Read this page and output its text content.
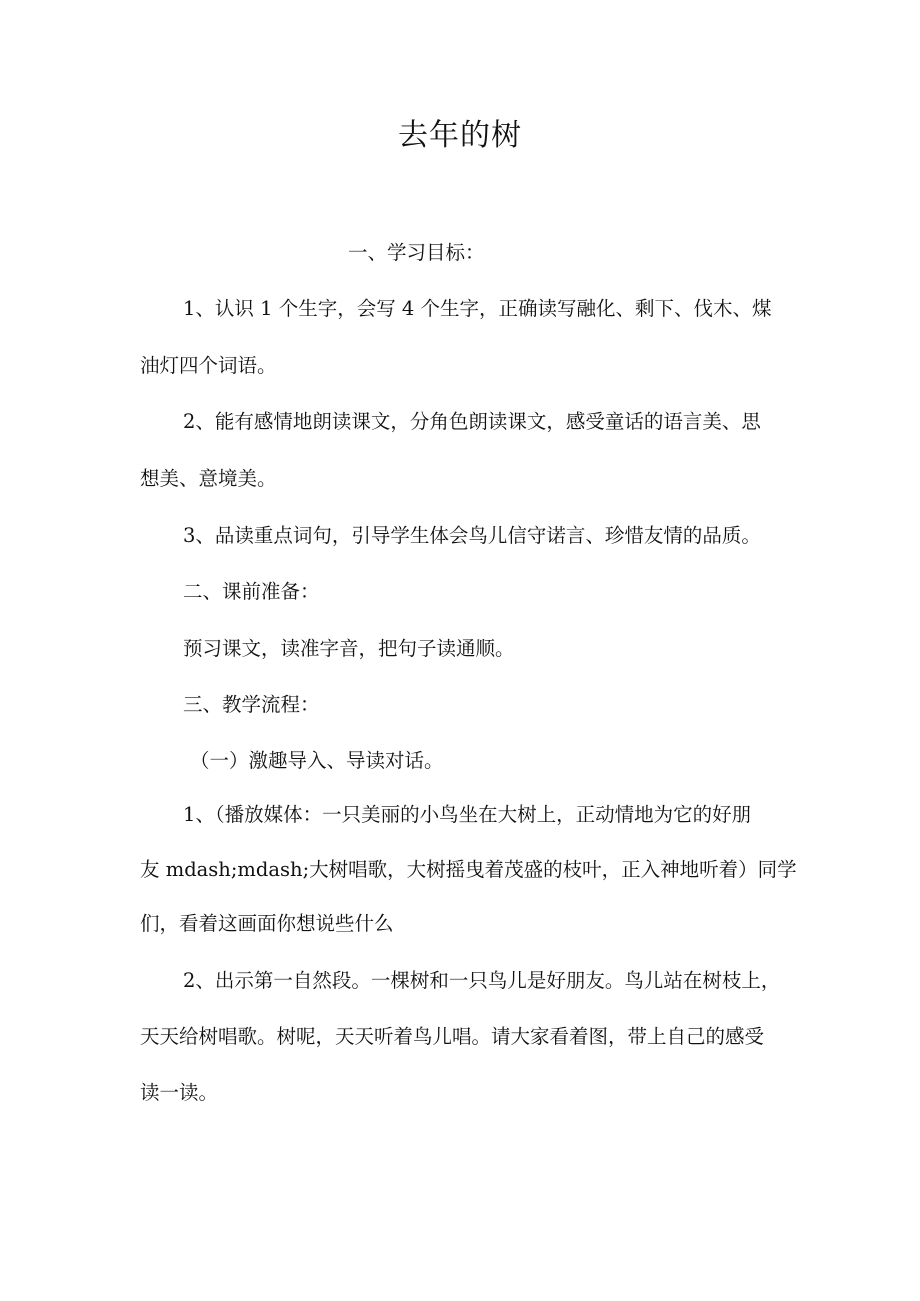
去年的树
一、学习目标：
1、认识 1 个生字，会写 4 个生字，正确读写融化、剩下、伐木、煤
油灯四个词语。
2、能有感情地朗读课文，分角色朗读课文，感受童话的语言美、思
想美、意境美。
3、品读重点词句，引导学生体会鸟儿信守诺言、珍惜友情的品质。
二、课前准备：
预习课文，读准字音，把句子读通顺。
三、教学流程：
（一）激趣导入、导读对话。
1、（播放媒体：一只美丽的小鸟坐在大树上，正动情地为它的好朋
友 mdash;mdash;大树唱歌，大树摇曳着茂盛的枝叶，正入神地听着）同学
们，看着这画面你想说些什么
2、出示第一自然段。一棵树和一只鸟儿是好朋友。鸟儿站在树枝上，
天天给树唱歌。树呢，天天听着鸟儿唱。请大家看着图，带上自己的感受
读一读。
